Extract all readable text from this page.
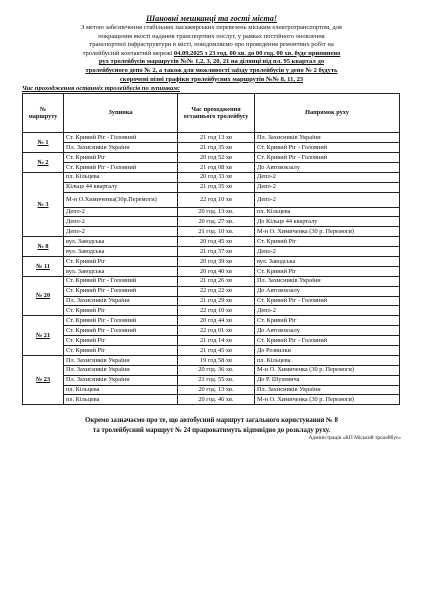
Шановні мешканці та гості міста!
З метою забезпечення стабільних пасажирських перевезень міським електротранспортом, для
покращення якості надання транспортних послуг, у рамках постійного оновлення
транспортної інфраструктури в місті, повідомляємо про проведення ремонтних робіт на
тролейбусній контактній мережі 04.09.2025 з 23 год. 00 хв. до 00 год. 00 хв. буде припинено
рух тролейбусів маршрутів №№ 1,2, 3, 20, 21 на ділянці від пл. 95 квартал до
тролейбусного депо № 2, а також для можливості заїзду тролейбусів у депо № 2 будуть
скорочені пізні графіки тролейбусних маршрутів №№ 8, 11, 23
Час проходження останніх тролейбусів по зупинкам:
№ маршруту	Зупинка	Час проходження останнього тролейбусу	Напрямок руху
№ 1	Ст. Кривий Ріг - Головний	21 год 13 хв	Пл. Захисників України
	Пл. Захисників України	21 год 35 хв	Ст. Кривий Ріг - Головний
№ 2	Ст. Кривий Ріг	20 год 52 хв	Ст. Кривий Ріг - Головний
	Ст. Кривий Ріг - Головний	21 год 08 хв	До Автовокзалу
№ 3	пл. Кільцева	20 год 33 хв	Депо-2
	Кільце 44 кварталу	21 год 35 хв	Депо-2
	М-н О.Химиченка(30р.Перемоги)	22 год 10 хв	Депо-2
	Депо-2	20 год. 13 хв.	пл. Кільцева
	Депо-2	20 год. 27 хв.	До Кільце 44 кварталу
	Депо-2	21 год. 10 хв.	М-н О. Химиченка (30 р. Перемоги)
№ 8	вул. Заводська	20 год 45 хв	Ст. Кривий Ріг
	вул. Заводська	21 год 37 хв	Депо-2
№ 11	Ст. Кривий Ріг	20 год 39 хв	вул. Заводська
	вул. Заводська	20 год 40 хв	Ст. Кривий Ріг
№ 20	Ст. Кривий Ріг - Головний	21 год 26 хв	Пл. Захисників України
	Ст. Кривий Ріг - Головний	22 год 22 хв	До Автовокзалу
	Пл. Захисників України	21 год 29 хв	Ст. Кривий Ріг - Головний
	Ст. Кривий Ріг	22 год 10 хв	Депо-2
№ 21	Ст. Кривий Ріг - Головний	20 год 44 хв	Ст. Кривий Ріг
	Ст. Кривий Ріг - Головний	22 год 01 хв	До Автовокзалу
	Ст. Кривий Ріг	21 год 14 хв	Ст. Кривий Ріг - Головний
	Ст. Кривий Ріг	21 год 45 хв	До Розвилки
№ 23	Пл. Захисників України	19 год 58 хв	пл. Кільцева
	Пл. Захисників України	20 год. 36 хв.	М-н О. Химиченка (30 р. Перемоги)
	Пл. Захисників України	21 год. 55 хв.	До Р. Шухевича
	пл. Кільцева	20 год. 13 хв.	Пл. Захисників України
	пл. Кільцева	20 год. 46 хв.	М-н О. Химиченка (30 р. Перемоги)
Окремо зазначаємо про те, що автобусний маршрут загального користування № 8
та тролейбусний маршрут № 24 працюватимуть відповідно до розкладу руху.
Адміністрація «КП Міський тролейбус»
